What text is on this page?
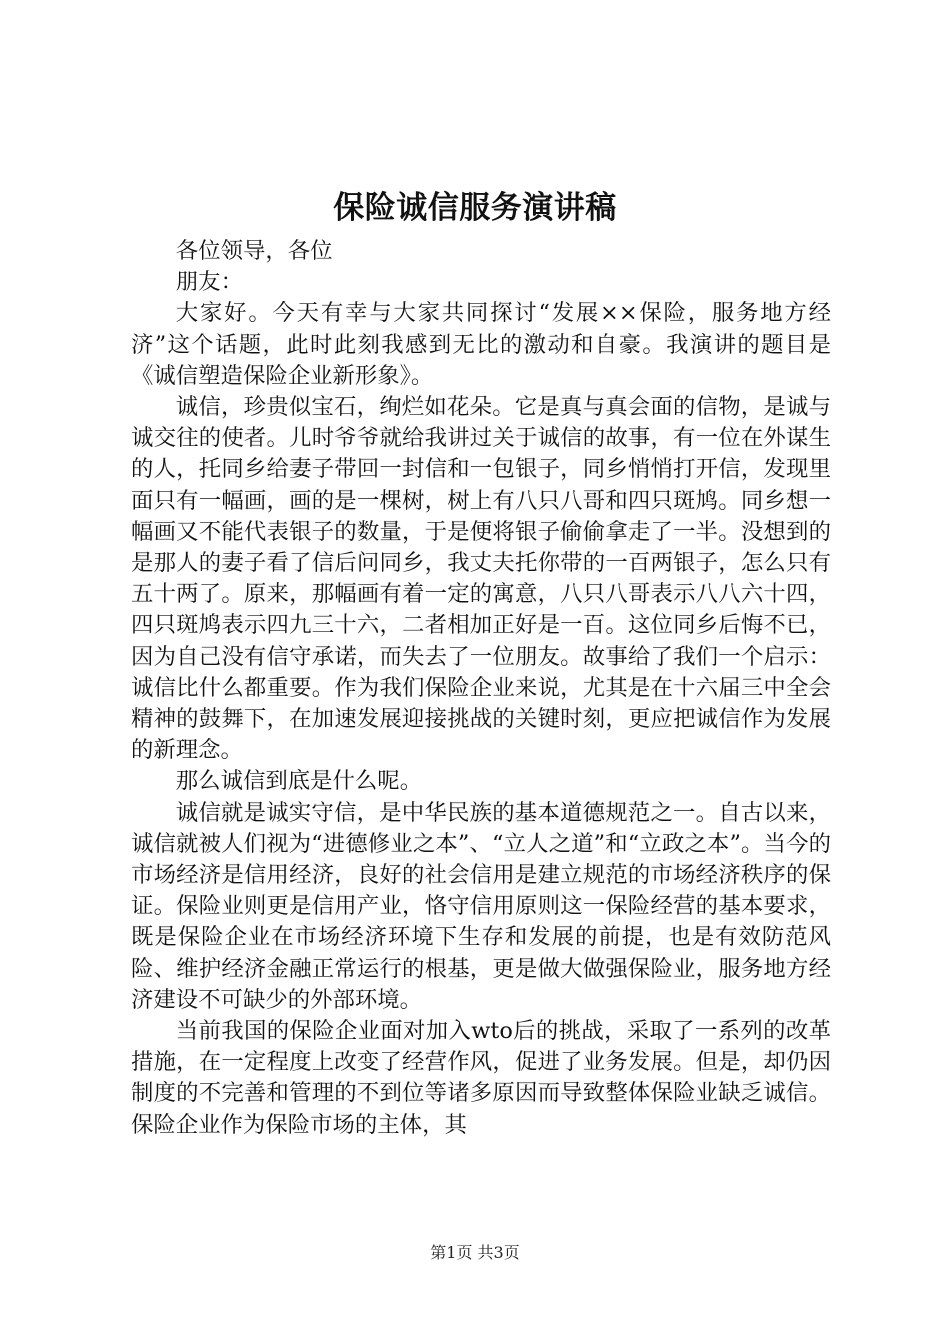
保险诚信服务演讲稿

各位领导，各位

朋友：

大家好。今天有幸与大家共同探讨“发展××保险，服务地方经济”这个话题，此时此刻我感到无比的激动和自豪。我演讲的题目是《诚信塑造保险企业新形象》。

诚信，珍贵似宝石，绚烂如花朵。它是真与真会面的信物，是诚与诚交往的使者。儿时爷爷就给我讲过关于诚信的故事，有一位在外谋生的人，托同乡给妻子带回一封信和一包银子，同乡悄悄打开信，发现里面只有一幅画，画的是一棵树，树上有八只八哥和四只斑鸠。同乡想一幅画又不能代表银子的数量，于是便将银子偷偷拿走了一半。没想到的是那人的妻子看了信后问同乡，我丈夫托你带的一百两银子，怎么只有五十两了。原来，那幅画有着一定的寓意，八只八哥表示八八六十四，四只斑鸠表示四九三十六，二者相加正好是一百。这位同乡后悔不已，因为自己没有信守承诺，而失去了一位朋友。故事给了我们一个启示：诚信比什么都重要。作为我们保险企业来说，尤其是在十六届三中全会精神的鼓舞下，在加速发展迎接挑战的关键时刻，更应把诚信作为发展的新理念。

那么诚信到底是什么呢。

诚信就是诚实守信，是中华民族的基本道德规范之一。自古以来，诚信就被人们视为“进德修业之本”、“立人之道”和“立政之本”。当今的市场经济是信用经济，良好的社会信用是建立规范的市场经济秩序的保证。保险业则更是信用产业，恪守信用原则这一保险经营的基本要求，既是保险企业在市场经济环境下生存和发展的前提，也是有效防范风险、维护经济金融正常运行的根基，更是做大做强保险业，服务地方经济建设不可缺少的外部环境。

当前我国的保险企业面对加入wto后的挑战，采取了一系列的改革措施，在一定程度上改变了经营作风，促进了业务发展。但是，却仍因制度的不完善和管理的不到位等诸多原因而导致整体保险业缺乏诚信。保险企业作为保险市场的主体，其

第1页 共3页
